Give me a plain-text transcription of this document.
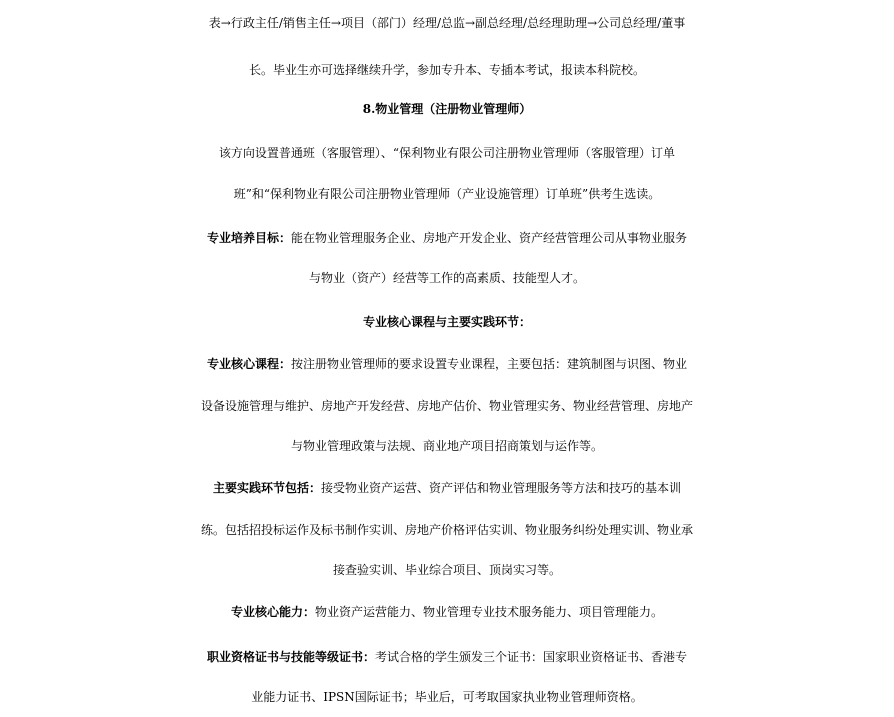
表→行政主任/销售主任→项目（部门）经理/总监→副总经理/总经理助理→公司总经理/董事
长。毕业生亦可选择继续升学，参加专升本、专插本考试，报读本科院校。
8.物业管理（注册物业管理师）
该方向设置普通班（客服管理）、“保利物业有限公司注册物业管理师（客服管理）订单
班”和“保利物业有限公司注册物业管理师（产业设施管理）订单班”供考生选读。
专业培养目标：能在物业管理服务企业、房地产开发企业、资产经营管理公司从事物业服务
与物业（资产）经营等工作的高素质、技能型人才。
专业核心课程与主要实践环节：
专业核心课程：按注册物业管理师的要求设置专业课程，主要包括：建筑制图与识图、物业
设备设施管理与维护、房地产开发经营、房地产估价、物业管理实务、物业经营管理、房地产
与物业管理政策与法规、商业地产项目招商策划与运作等。
主要实践环节包括：接受物业资产运营、资产评估和物业管理服务等方法和技巧的基本训
练。包括招投标运作及标书制作实训、房地产价格评估实训、物业服务纠纷处理实训、物业承
接查验实训、毕业综合项目、顶岗实习等。
专业核心能力：物业资产运营能力、物业管理专业技术服务能力、项目管理能力。
职业资格证书与技能等级证书：考试合格的学生颁发三个证书：国家职业资格证书、香港专
业能力证书、IPSN国际证书；毕业后，可考取国家执业物业管理师资格。
